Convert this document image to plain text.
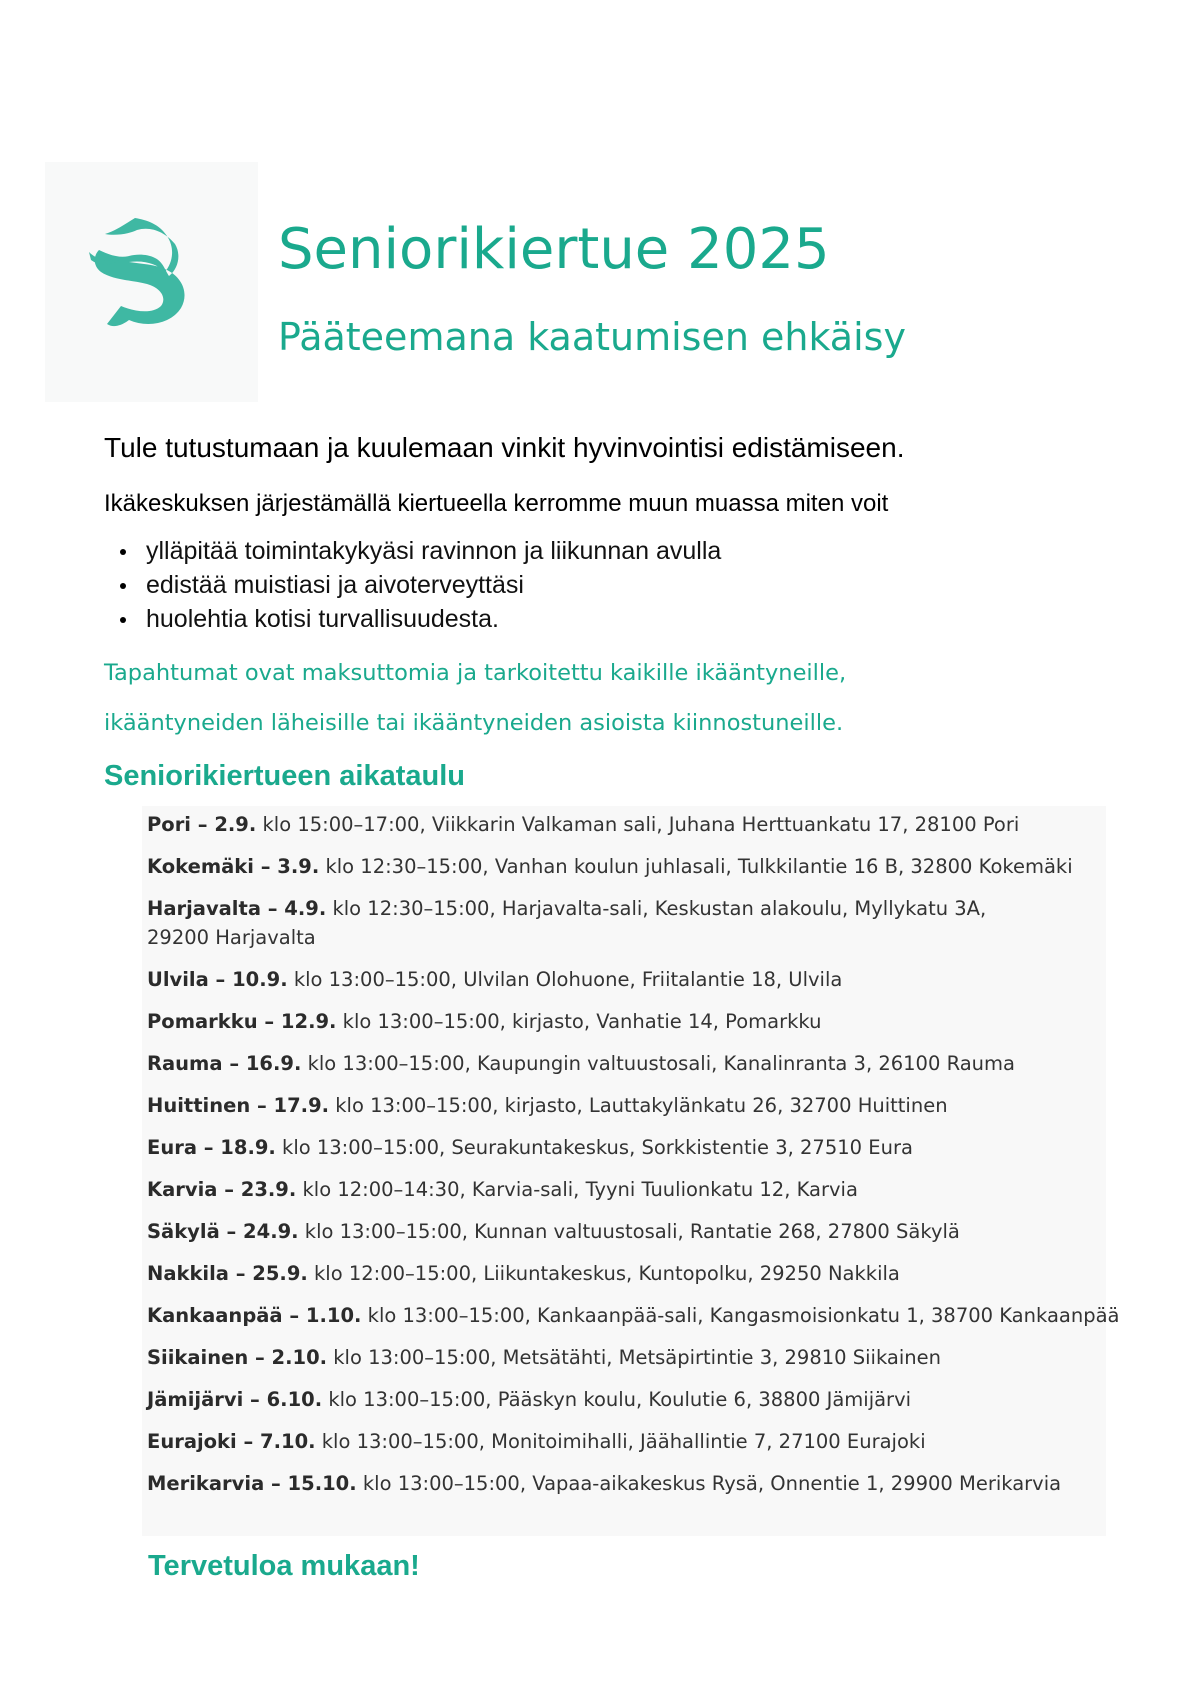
Seniorikiertue 2025
Pääteemana kaatumisen ehkäisy
Tule tutustumaan ja kuulemaan vinkit hyvinvointisi edistämiseen.
Ikäkeskuksen järjestämällä kiertueella kerromme muun muassa miten voit
ylläpitää toimintakykyäsi ravinnon ja liikunnan avulla
edistää muistiasi ja aivoterveyttäsi
huolehtia kotisi turvallisuudesta.
Tapahtumat ovat maksuttomia ja tarkoitettu kaikille ikääntyneille,
ikääntyneiden läheisille tai ikääntyneiden asioista kiinnostuneille.
Seniorikiertueen aikataulu
Pori – 2.9. klo 15:00–17:00, Viikkarin Valkaman sali, Juhana Herttuankatu 17, 28100 Pori
Kokemäki – 3.9. klo 12:30–15:00, Vanhan koulun juhlasali, Tulkkilantie 16 B, 32800 Kokemäki
Harjavalta – 4.9. klo 12:30–15:00, Harjavalta-sali, Keskustan alakoulu, Myllykatu 3A, 29200 Harjavalta
Ulvila – 10.9. klo 13:00–15:00, Ulvilan Olohuone, Friitalantie 18, Ulvila
Pomarkku – 12.9. klo 13:00–15:00, kirjasto, Vanhatie 14, Pomarkku
Rauma – 16.9. klo 13:00–15:00, Kaupungin valtuustosali, Kanalinranta 3, 26100 Rauma
Huittinen – 17.9. klo 13:00–15:00, kirjasto, Lauttakylänkatu 26, 32700 Huittinen
Eura – 18.9. klo 13:00–15:00, Seurakuntakeskus, Sorkkistentie 3, 27510 Eura
Karvia – 23.9. klo 12:00–14:30, Karvia-sali, Tyyni Tuulionkatu 12, Karvia
Säkylä – 24.9. klo 13:00–15:00, Kunnan valtuustosali, Rantatie 268, 27800 Säkylä
Nakkila – 25.9. klo 12:00–15:00, Liikuntakeskus, Kuntopolku, 29250 Nakkila
Kankaanpää – 1.10. klo 13:00–15:00, Kankaanpää-sali, Kangasmoisionkatu 1, 38700 Kankaanpää
Siikainen – 2.10. klo 13:00–15:00, Metsätähti, Metsäpirtintie 3, 29810 Siikainen
Jämijärvi – 6.10. klo 13:00–15:00, Pääskyn koulu, Koulutie 6, 38800 Jämijärvi
Eurajoki – 7.10. klo 13:00–15:00, Monitoimihalli, Jäähallintie 7, 27100 Eurajoki
Merikarvia – 15.10. klo 13:00–15:00, Vapaa-aikakeskus Rysä, Onnentie 1, 29900 Merikarvia
Tervetuloa mukaan!
